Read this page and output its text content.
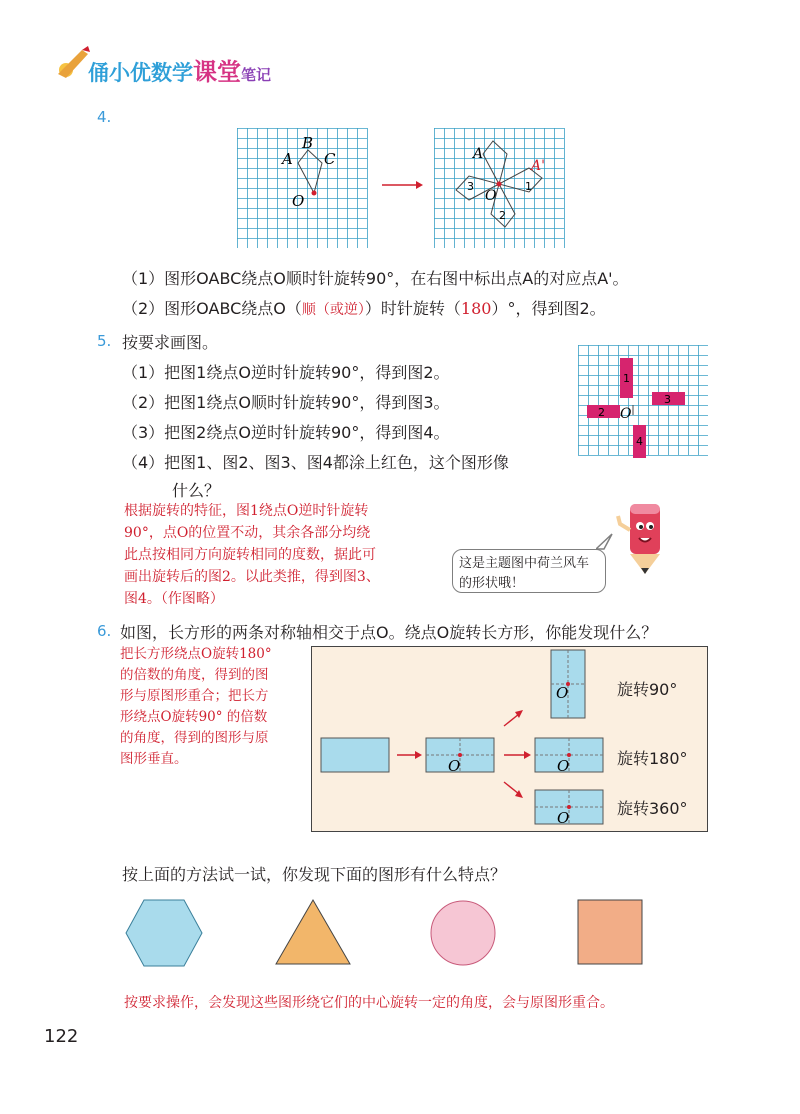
俑小优数学课堂笔记
4.
B
A C
O
A
A'
O
1
2
3
（1）图形OABC绕点O顺时针旋转90°，在右图中标出点A的对应点A'。
（2）图形OABC绕点O（顺（或逆））时针旋转（180）°，得到图2。
5. 按要求画图。
（1）把图1绕点O逆时针旋转90°，得到图2。
（2）把图1绕点O顺时针旋转90°，得到图3。
（3）把图2绕点O逆时针旋转90°，得到图4。
（4）把图1、图2、图3、图4都涂上红色，这个图形像
什么？
1
2
3
4
O
根据旋转的特征，图1绕点O逆时针旋转
90°，点O的位置不动，其余各部分均绕
此点按相同方向旋转相同的度数，据此可
画出旋转后的图2。以此类推，得到图3、
图4。（作图略）
这是主题图中荷兰风车
的形状哦！
6. 如图，长方形的两条对称轴相交于点O。绕点O旋转长方形，你能发现什么？
把长方形绕点O旋转180°
的倍数的角度，得到的图
形与原图形重合；把长方
形绕点O旋转90° 的倍数
的角度，得到的图形与原
图形垂直。	O
O
O
O
旋转90°
旋转180°
旋转360°
按上面的方法试一试，你发现下面的图形有什么特点？
按要求操作，会发现这些图形绕它们的中心旋转一定的角度，会与原图形重合。
122
